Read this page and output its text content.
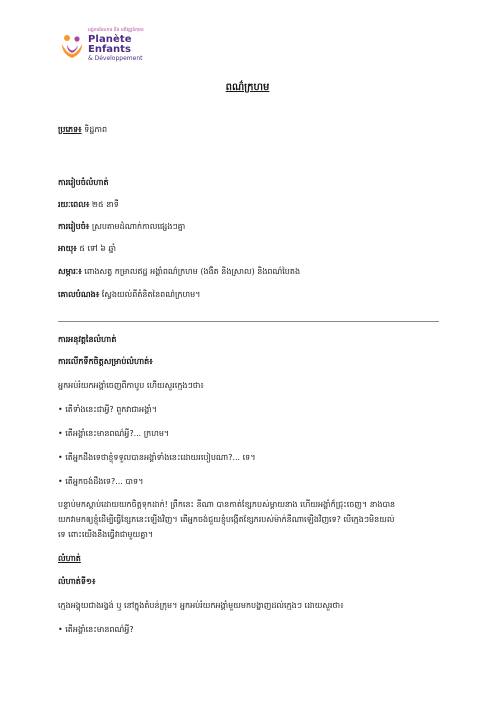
អង្គការផែនការ និង អភិវឌ្ឍន៍កុមារ
Planète
Enfants
& Développement
ពណ៌ក្រហម
ប្រភេទ៖ ទិដ្ឋភាព
ការរៀបចំលំហាត់
រយៈពេល៖ ២៥ នាទី
ការរៀបចំ៖ ស្របតាមដំណាក់កាលផ្សេងៗគ្នា
អាយុ៖ ៥ ទៅ ៦ ឆ្នាំ
សម្ភារៈ៖ ពោងសត្វ កម្រាលឥដ្ឋ អង្គាំពណ៌ក្រហម (ងងឹត និងស្រាល) និងពណ៌បៃតង
គោលបំណង៖ ស្វែងយល់ពីតំនិតនៃពណ៌ក្រហម។
ការអនុវត្តនៃលំហាត់
ការលើកទឹកចិត្តសម្រាប់លំហាត់៖
អ្នកអប់រំយកអង្គាំចេញពីកាបូប ហើយសួរក្មេងៗថា៖
• តើទាំងនេះជាអ្វី? ពួកវាជាអង្គាំ។
• តើអង្គាំនេះមានពណ៌អ្វី?... ក្រហម។
• តើអ្នកដឹងទេថាខ្ញុំទទួលបានអង្គាំទាំងនេះដោយរបៀបណា?... ទេ។
• តើអ្នកចង់ដឹងទេ?... បាទ។
បន្ទាប់មកស្តាប់ដោយយកចិត្តទុកដាក់! ព្រឹកនេះ នីណា បានកាត់ខ្សែកបស់ម្ដាយនាង ហើយអង្គាំក៏ជ្រុះចេញ។ នាងបាន
យកវាមកឲ្យខ្ញុំដើម្បីធ្វើខ្សែកនេះឡើងវិញ។ តើអ្នកចង់ជួយខ្ញុំបង្កើតខ្សែករបស់ម៉ាក់នីណាឡើងវិញទេ? បើក្មេងៗមិនយល់
ទេ ពោះយើងនឹងធ្វើវាជាមួយគ្នា។
លំហាត់
លំហាត់ទី១៖
ក្មេងអង្គុយជាងរង្វង់ ឬ នៅក្នុងតំបន់ក្រុម។ អ្នកអប់រំយកអង្គាំមួយមកបង្ហាញដល់ក្មេងៗ ដោយសួរថា៖
• តើអង្គាំនេះមានពណ៌អ្វី?
